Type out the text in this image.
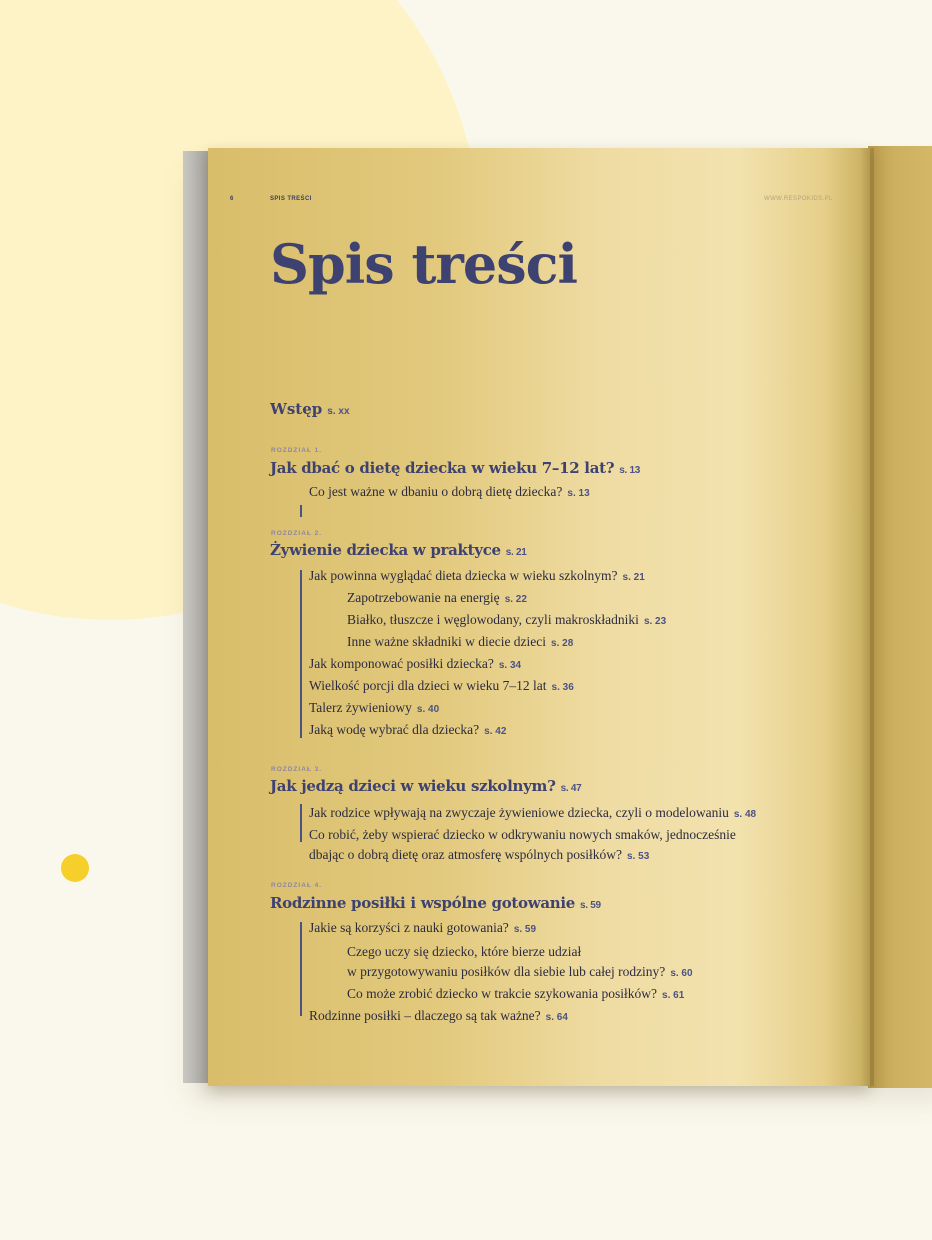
6	SPIS TREŚCI	WWW.RESPOKIDS.PL
Spis treści

Wstęp s. xx

ROZDZIAŁ 1.

Jak dbać o dietę dziecka w wieku 7–12 lat? s. 13

Co jest ważne w dbaniu o dobrą dietę dziecka? s. 13

ROZDZIAŁ 2.

Żywienie dziecka w praktyce s. 21

Jak powinna wyglądać dieta dziecka w wieku szkolnym? s. 21

Zapotrzebowanie na energię s. 22

Białko, tłuszcze i węglowodany, czyli makroskładniki s. 23

Inne ważne składniki w diecie dzieci s. 28

Jak komponować posiłki dziecka? s. 34

Wielkość porcji dla dzieci w wieku 7–12 lat s. 36

Talerz żywieniowy s. 40

Jaką wodę wybrać dla dziecka? s. 42

ROZDZIAŁ 3.

Jak jedzą dzieci w wieku szkolnym? s. 47

Jak rodzice wpływają na zwyczaje żywieniowe dziecka, czyli o modelowaniu s. 48

Co robić, żeby wspierać dziecko w odkrywaniu nowych smaków, jednocześnie

dbając o dobrą dietę oraz atmosferę wspólnych posiłków? s. 53

ROZDZIAŁ 4.

Rodzinne posiłki i wspólne gotowanie s. 59

Jakie są korzyści z nauki gotowania? s. 59

Czego uczy się dziecko, które bierze udział

w przygotowywaniu posiłków dla siebie lub całej rodziny? s. 60

Co może zrobić dziecko w trakcie szykowania posiłków? s. 61

Rodzinne posiłki – dlaczego są tak ważne? s. 64
